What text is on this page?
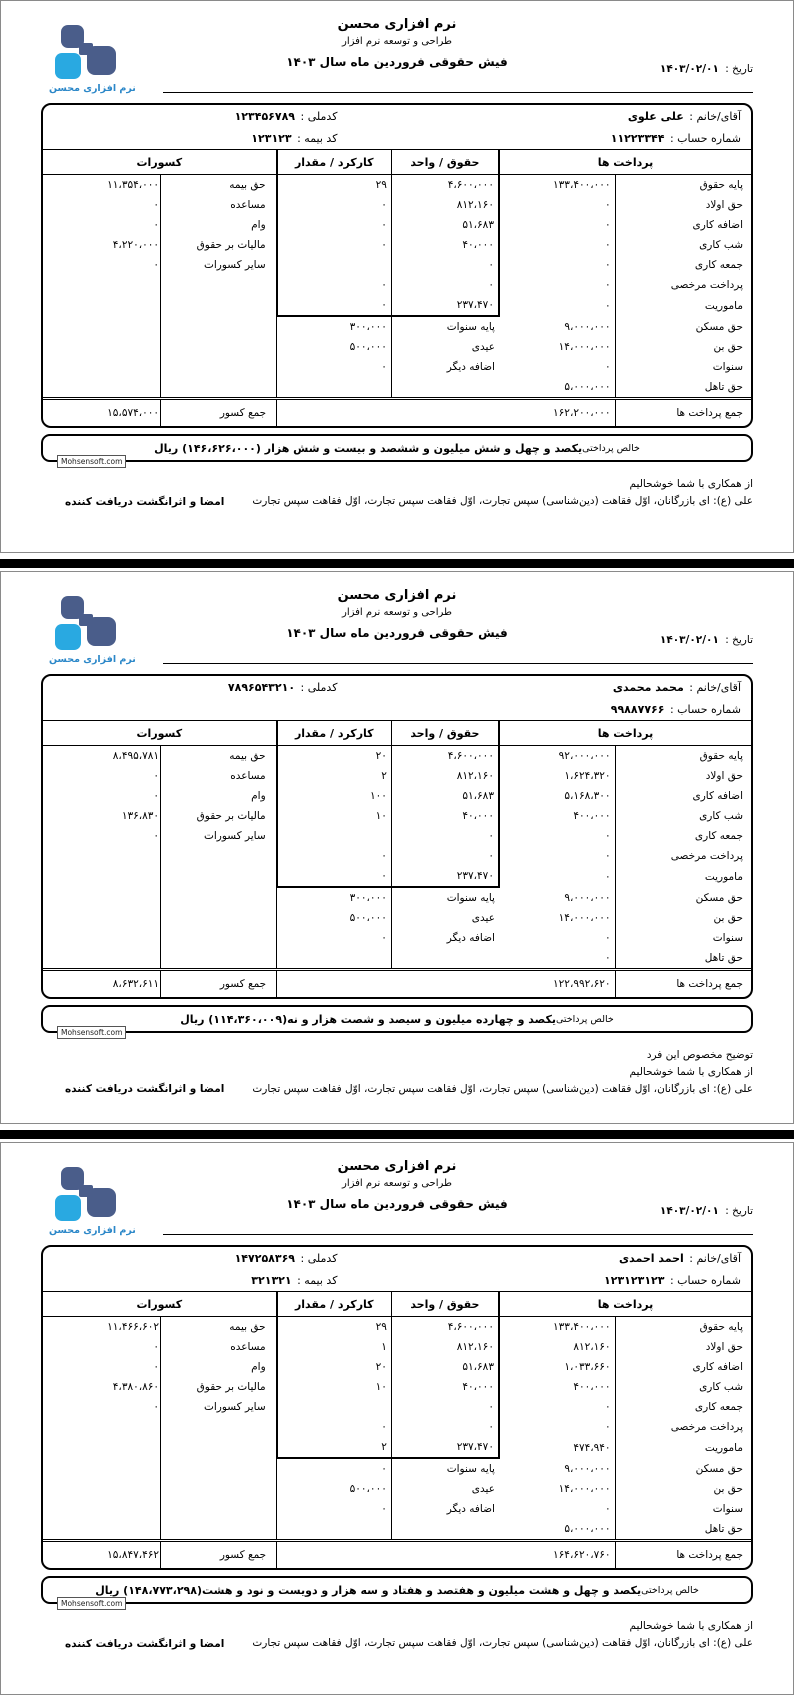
نرم افزاری محسن
نرم افزاری محسن
طراحی و توسعه نرم افزار
فیش حقوقی فروردین ماه سال ۱۴۰۳	تاریخ : ۱۴۰۳/۰۲/۰۱
آقای/خانم : علی علوی
کدملی : ۱۲۳۴۵۶۷۸۹
شماره حساب : ۱۱۲۲۳۳۴۴
کد بیمه : ۱۲۳۱۲۳
پرداخت ها		حقوق / واحد	کارکرد / مقدار	کسورات	
پایه حقوق	۱۳۳،۴۰۰،۰۰۰	۴،۶۰۰،۰۰۰	۲۹	حق بیمه	۱۱،۳۵۴،۰۰۰
حق اولاد	۰	۸۱۲،۱۶۰	۰	مساعده	۰
اضافه کاری	۰	۵۱،۶۸۳	۰	وام	۰
شب کاری	۰	۴۰،۰۰۰	۰	مالیات بر حقوق	۴،۲۲۰،۰۰۰
جمعه کاری	۰	۰		سایر کسورات	۰
پرداخت مرخصی	۰	۰	۰		
ماموریت	۰	۲۳۷،۴۷۰	۰		
حق مسکن	۹،۰۰۰،۰۰۰	پایه سنوات	۳۰۰،۰۰۰		
حق بن	۱۴،۰۰۰،۰۰۰	عیدی	۵۰۰،۰۰۰		
سنوات	۰	اضافه دیگر	۰		
حق تاهل	۵،۰۰۰،۰۰۰				
جمع پرداخت ها	۱۶۲،۲۰۰،۰۰۰			جمع کسور	۱۵،۵۷۴،۰۰۰
خالص پرداختی
یکصد و چهل و شش میلیون و ششصد و بیست و شش هزار (۱۴۶،۶۲۶،۰۰۰) ریال
Mohsensoft.com
از همکاری با شما خوشحالیم
علی (ع): ای بازرگانان، اوّل فقاهت (دین‌شناسی) سپس تجارت، اوّل فقاهت سپس تجارت، اوّل فقاهت سپس تجارت
امضا و اثرانگشت دریافت کننده
نرم افزاری محسن
نرم افزاری محسن
طراحی و توسعه نرم افزار
فیش حقوقی فروردین ماه سال ۱۴۰۳	تاریخ : ۱۴۰۳/۰۲/۰۱
آقای/خانم : محمد محمدی
کدملی : ۷۸۹۶۵۴۳۲۱۰
شماره حساب : ۹۹۸۸۷۷۶۶
پرداخت ها		حقوق / واحد	کارکرد / مقدار	کسورات	
پایه حقوق	۹۲،۰۰۰،۰۰۰	۴،۶۰۰،۰۰۰	۲۰	حق بیمه	۸،۴۹۵،۷۸۱
حق اولاد	۱،۶۲۴،۳۲۰	۸۱۲،۱۶۰	۲	مساعده	۰
اضافه کاری	۵،۱۶۸،۳۰۰	۵۱،۶۸۳	۱۰۰	وام	۰
شب کاری	۴۰۰،۰۰۰	۴۰،۰۰۰	۱۰	مالیات بر حقوق	۱۳۶،۸۳۰
جمعه کاری	۰	۰		سایر کسورات	۰
پرداخت مرخصی	۰	۰	۰		
ماموریت	۰	۲۳۷،۴۷۰	۰		
حق مسکن	۹،۰۰۰،۰۰۰	پایه سنوات	۳۰۰،۰۰۰		
حق بن	۱۴،۰۰۰،۰۰۰	عیدی	۵۰۰،۰۰۰		
سنوات	۰	اضافه دیگر	۰		
حق تاهل	۰				
جمع پرداخت ها	۱۲۲،۹۹۲،۶۲۰			جمع کسور	۸،۶۳۲،۶۱۱
خالص پرداختی
یکصد و چهارده میلیون و سیصد و شصت هزار و نه(۱۱۴،۳۶۰،۰۰۹) ریال
Mohsensoft.com
توضیح مخصوص این فرد
از همکاری با شما خوشحالیم
علی (ع): ای بازرگانان، اوّل فقاهت (دین‌شناسی) سپس تجارت، اوّل فقاهت سپس تجارت، اوّل فقاهت سپس تجارت
امضا و اثرانگشت دریافت کننده
نرم افزاری محسن
نرم افزاری محسن
طراحی و توسعه نرم افزار
فیش حقوقی فروردین ماه سال ۱۴۰۳	تاریخ : ۱۴۰۳/۰۲/۰۱
آقای/خانم : احمد احمدی
کدملی : ۱۴۷۲۵۸۳۶۹
شماره حساب : ۱۲۳۱۲۳۱۲۳
کد بیمه : ۳۲۱۳۲۱
پرداخت ها		حقوق / واحد	کارکرد / مقدار	کسورات	
پایه حقوق	۱۳۳،۴۰۰،۰۰۰	۴،۶۰۰،۰۰۰	۲۹	حق بیمه	۱۱،۴۶۶،۶۰۲
حق اولاد	۸۱۲،۱۶۰	۸۱۲،۱۶۰	۱	مساعده	۰
اضافه کاری	۱،۰۳۳،۶۶۰	۵۱،۶۸۳	۲۰	وام	۰
شب کاری	۴۰۰،۰۰۰	۴۰،۰۰۰	۱۰	مالیات بر حقوق	۴،۳۸۰،۸۶۰
جمعه کاری	۰	۰		سایر کسورات	۰
پرداخت مرخصی	۰	۰	۰		
ماموریت	۴۷۴،۹۴۰	۲۳۷،۴۷۰	۲		
حق مسکن	۹،۰۰۰،۰۰۰	پایه سنوات	۰		
حق بن	۱۴،۰۰۰،۰۰۰	عیدی	۵۰۰،۰۰۰		
سنوات	۰	اضافه دیگر	۰		
حق تاهل	۵،۰۰۰،۰۰۰				
جمع پرداخت ها	۱۶۴،۶۲۰،۷۶۰			جمع کسور	۱۵،۸۴۷،۴۶۲
خالص پرداختی
یکصد و چهل و هشت میلیون و هفتصد و هفتاد و سه هزار و دویست و نود و هشت(۱۴۸،۷۷۳،۲۹۸) ریال
Mohsensoft.com
از همکاری با شما خوشحالیم
علی (ع): ای بازرگانان، اوّل فقاهت (دین‌شناسی) سپس تجارت، اوّل فقاهت سپس تجارت، اوّل فقاهت سپس تجارت
امضا و اثرانگشت دریافت کننده
